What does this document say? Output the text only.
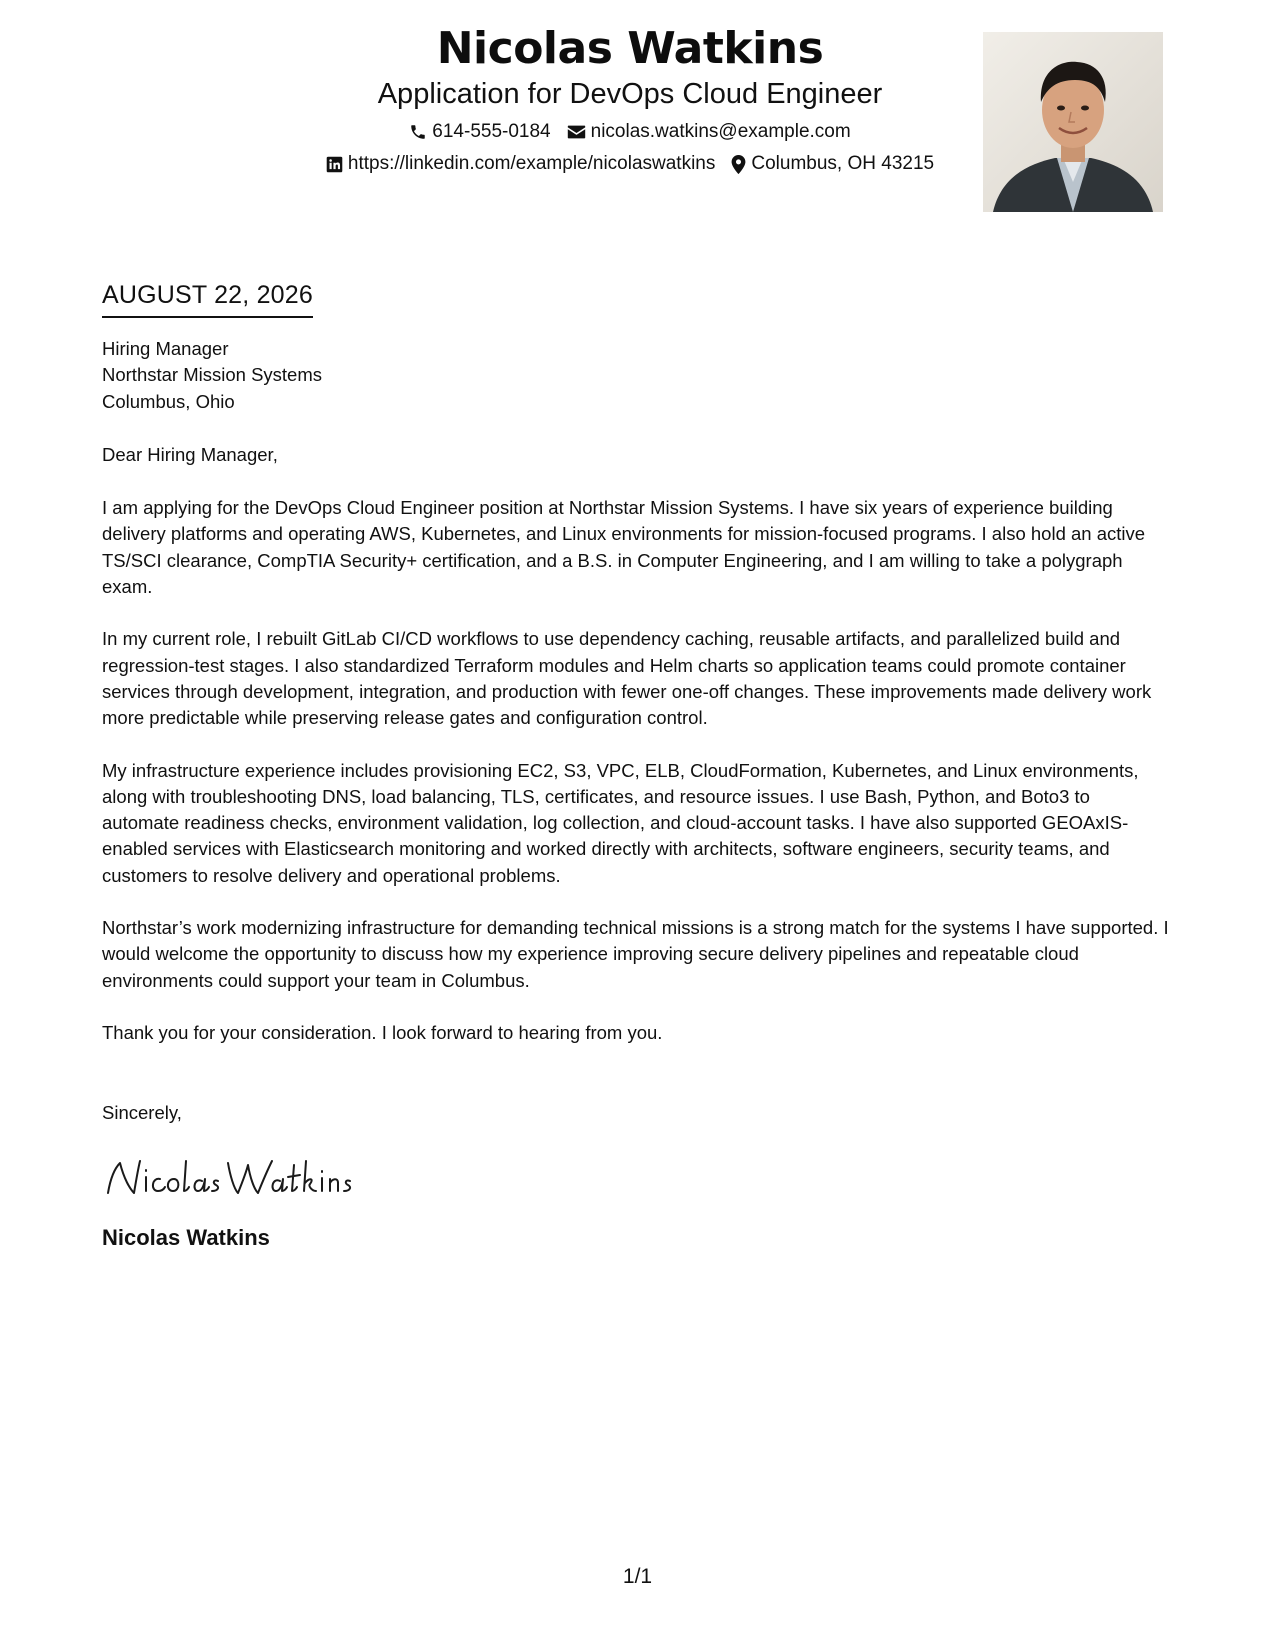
Nicolas Watkins
Application for DevOps Cloud Engineer
614-555-0184 nicolas.watkins@example.com
https://linkedin.com/example/nicolaswatkins Columbus, OH 43215
AUGUST 22, 2026
Hiring Manager
Northstar Mission Systems
Columbus, Ohio
Dear Hiring Manager,

I am applying for the DevOps Cloud Engineer position at Northstar Mission Systems. I have six years of experience building delivery platforms and operating AWS, Kubernetes, and Linux environments for mission-focused programs. I also hold an active TS/SCI clearance, CompTIA Security+ certification, and a B.S. in Computer Engineering, and I am willing to take a polygraph exam.

In my current role, I rebuilt GitLab CI/CD workflows to use dependency caching, reusable artifacts, and parallelized build and regression-test stages. I also standardized Terraform modules and Helm charts so application teams could promote container services through development, integration, and production with fewer one-off changes. These improvements made delivery work more predictable while preserving release gates and configuration control.

My infrastructure experience includes provisioning EC2, S3, VPC, ELB, CloudFormation, Kubernetes, and Linux environments, along with troubleshooting DNS, load balancing, TLS, certificates, and resource issues. I use Bash, Python, and Boto3 to automate readiness checks, environment validation, log collection, and cloud-account tasks. I have also supported GEOAxIS-enabled services with Elasticsearch monitoring and worked directly with architects, software engineers, security teams, and customers to resolve delivery and operational problems.

Northstar’s work modernizing infrastructure for demanding technical missions is a strong match for the systems I have supported. I would welcome the opportunity to discuss how my experience improving secure delivery pipelines and repeatable cloud environments could support your team in Columbus.

Thank you for your consideration. I look forward to hearing from you.

Sincerely,
Nicolas Watkins
1/1
